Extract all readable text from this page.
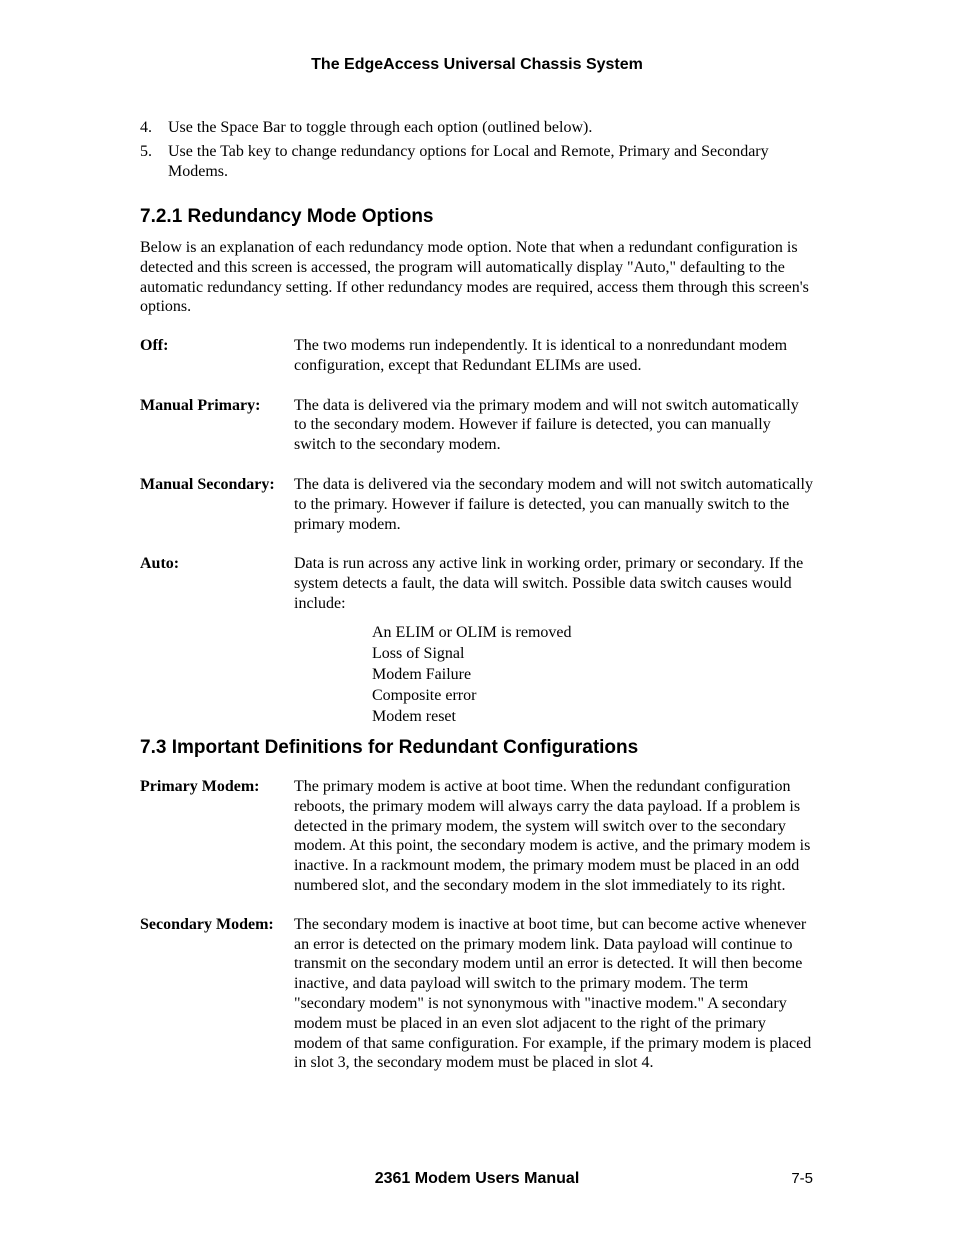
The EdgeAccess Universal Chassis System
4. Use the Space Bar to toggle through each option (outlined below).
5. Use the Tab key to change redundancy options for Local and Remote, Primary and Secondary Modems.
7.2.1 Redundancy Mode Options

Below is an explanation of each redundancy mode option. Note that when a redundant configuration is detected and this screen is accessed, the program will automatically display "Auto," defaulting to the automatic redundancy setting. If other redundancy modes are required, access them through this screen's options.

Off:	The two modems run independently. It is identical to a nonredundant modem configuration, except that Redundant ELIMs are used.

Manual Primary: The data is delivered via the primary modem and will not switch automatically to the secondary modem. However if failure is detected, you can manually switch to the secondary modem.

Manual Secondary: The data is delivered via the secondary modem and will not switch automatically to the primary. However if failure is detected, you can manually switch to the primary modem.

Auto:	Data is run across any active link in working order, primary or secondary. If the system detects a fault, the data will switch. Possible data switch causes would include:

An ELIM or OLIM is removed
Loss of Signal
Modem Failure
Composite error
Modem reset
7.3 Important Definitions for Redundant Configurations
Primary Modem: The primary modem is active at boot time. When the redundant configuration reboots, the primary modem will always carry the data payload. If a problem is detected in the primary modem, the system will switch over to the secondary modem. At this point, the secondary modem is active, and the primary modem is inactive. In a rackmount modem, the primary modem must be placed in an odd numbered slot, and the secondary modem in the slot immediately to its right.

Secondary Modem: The secondary modem is inactive at boot time, but can become active whenever an error is detected on the primary modem link. Data payload will continue to transmit on the secondary modem until an error is detected. It will then become inactive, and data payload will switch to the primary modem. The term "secondary modem" is not synonymous with "inactive modem." A secondary modem must be placed in an even slot adjacent to the right of the primary modem of that same configuration. For example, if the primary modem is placed in slot 3, the secondary modem must be placed in slot 4.

2361 Modem Users Manual	7-5
